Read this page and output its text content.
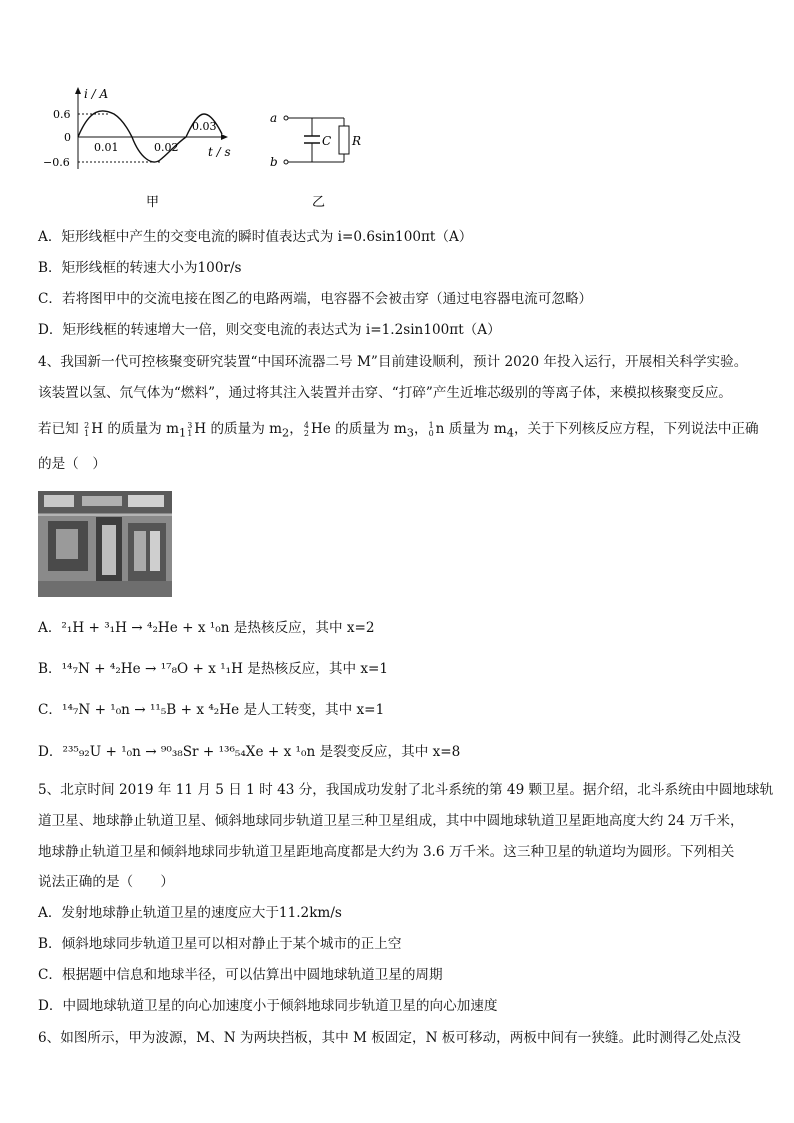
i / A
0.6
0
−0.6
0.01	0.02
0.03
t / s
甲
a
b
C R
乙
A．矩形线框中产生的交变电流的瞬时值表达式为 i=0.6sin100πt（A）
B．矩形线框的转速大小为100r/s
C．若将图甲中的交流电接在图乙的电路两端，电容器不会被击穿（通过电容器电流可忽略）
D．矩形线框的转速增大一倍，则交变电流的表达式为 i=1.2sin100πt（A）
4、我国新一代可控核聚变研究装置“中国环流器二号 M”目前建设顺利，预计 2020 年投入运行，开展相关科学实验。
该装置以氢、氘气体为“燃料”，通过将其注入装置并击穿、“打碎”产生近堆芯级别的等离子体，来模拟核聚变反应。
若已知 2
1 H 的质量为 $m_1$
3
1 H 的质量为 $m_2$， 4
2 He 的质量为 $m_3$， 1
0 n 质量为 $m_4$，关于下列核反应方程，下列说法中正确
的是（　）
A．²₁H + ³₁H → ⁴₂He + x ¹₀n 是热核反应，其中 x=2
B．¹⁴₇N + ⁴₂He → ¹⁷₈O + x ¹₁H 是热核反应，其中 x=1
C．¹⁴₇N + ¹₀n → ¹¹₅B + x ⁴₂He 是人工转变，其中 x=1
D．²³⁵₉₂U + ¹₀n → ⁹⁰₃₈Sr + ¹³⁶₅₄Xe + x ¹₀n 是裂变反应，其中 x=8
5、北京时间 2019 年 11 月 5 日 1 时 43 分，我国成功发射了北斗系统的第 49 颗卫星。据介绍，北斗系统由中圆地球轨
道卫星、地球静止轨道卫星、倾斜地球同步轨道卫星三种卫星组成，其中中圆地球轨道卫星距地高度大约 24 万千米，
地球静止轨道卫星和倾斜地球同步轨道卫星距地高度都是大约为 3.6 万千米。这三种卫星的轨道均为圆形。下列相关
说法正确的是（　　）
A．发射地球静止轨道卫星的速度应大于11.2km/s
B．倾斜地球同步轨道卫星可以相对静止于某个城市的正上空
C．根据题中信息和地球半径，可以估算出中圆地球轨道卫星的周期
D．中圆地球轨道卫星的向心加速度小于倾斜地球同步轨道卫星的向心加速度
6、如图所示，甲为波源，M、N 为两块挡板，其中 M 板固定，N 板可移动，两板中间有一狭缝。此时测得乙处点没
